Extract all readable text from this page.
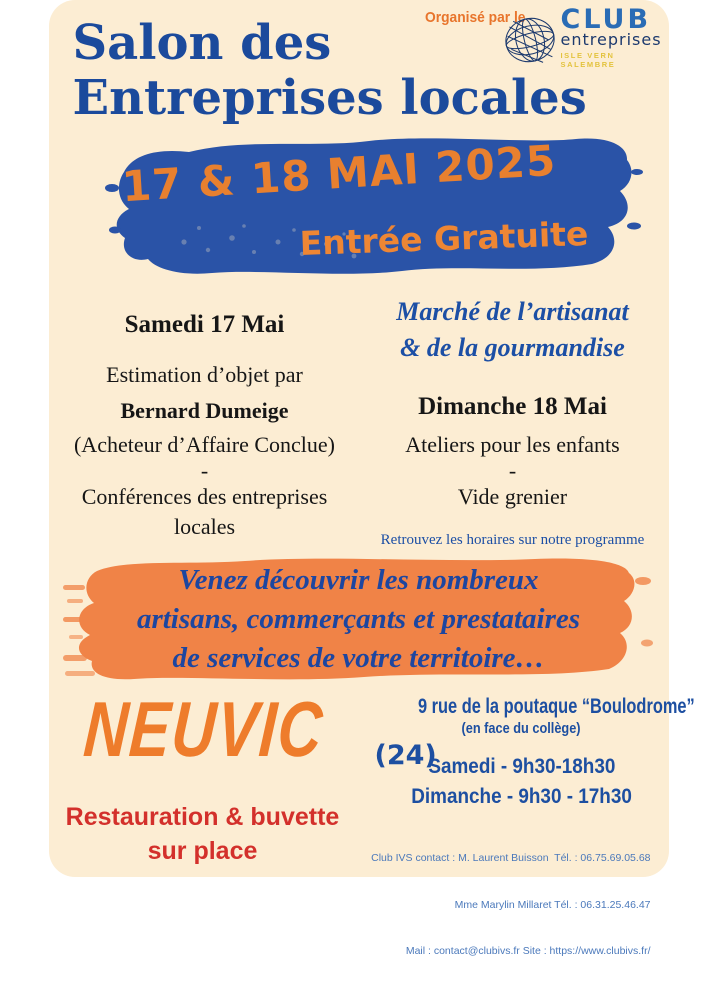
Organisé par le CLUB
entreprises
ISLE VERN SALEMBRE
Salon des
Entreprises locales
17 & 18 MAI 2025
Entrée Gratuite
Samedi 17 Mai
Estimation d’objet par
Bernard Dumeige
(Acheteur d’Affaire Conclue)
-
Conférences des entreprises
locales
Marché de l’artisanat
& de la gourmandise
Dimanche 18 Mai
Ateliers pour les enfants
-
Vide grenier
Retrouvez les horaires sur notre programme
Venez découvrir les nombreux
artisans, commerçants et prestataires
de services de votre territoire…
NEUVIC (24)
9 rue de la poutaque “Boulodrome”
(en face du collège)
Samedi - 9h30-18h30
Dimanche - 9h30 - 17h30
Restauration & buvette
sur place

	Club IVS contact : M. Laurent Buisson  Tél. : 06.75.69.05.68

Mme Marylin Millaret Tél. : 06.31.25.46.47

Mail : contact@clubivs.fr Site : https://www.clubivs.fr/
